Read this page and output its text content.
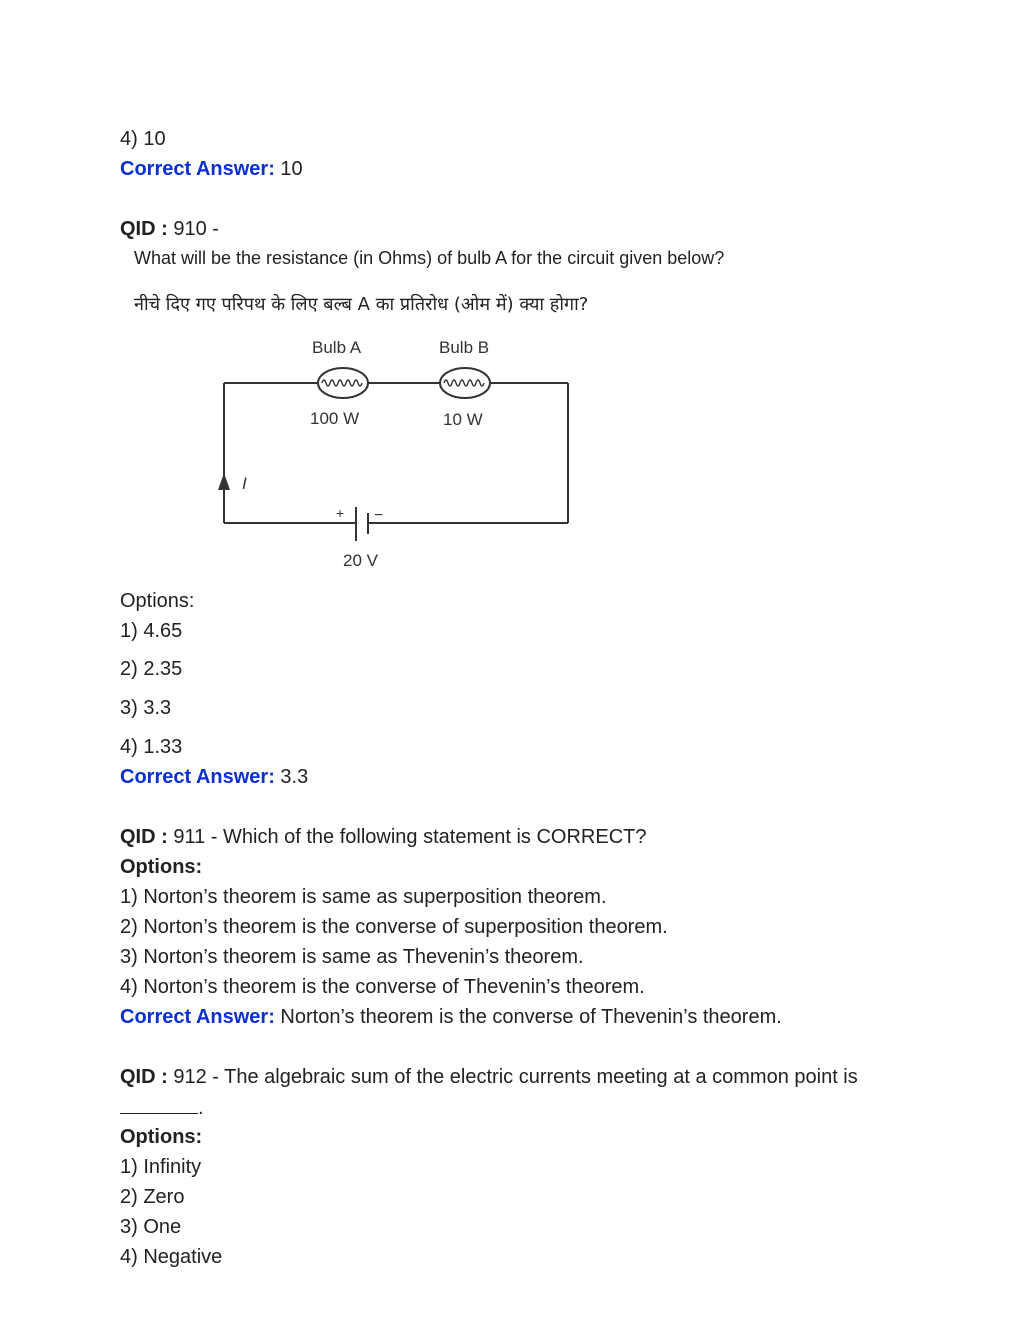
4) 10
Correct Answer: 10
QID : 910 -
What will be the resistance (in Ohms) of bulb A for the circuit given below?
नीचे दिए गए परिपथ के लिए बल्ब A का प्रतिरोध (ओम में) क्या होगा?
Bulb A	Bulb B
100 W	10 W
I
+ −
20 V
Options:
1) 4.65
2) 2.35
3) 3.3
4) 1.33
Correct Answer: 3.3
QID : 911 - Which of the following statement is CORRECT?
Options:
1) Norton’s theorem is same as superposition theorem.
2) Norton’s theorem is the converse of superposition theorem.
3) Norton’s theorem is same as Thevenin’s theorem.
4) Norton’s theorem is the converse of Thevenin’s theorem.
Correct Answer: Norton’s theorem is the converse of Thevenin’s theorem.
QID : 912 - The algebraic sum of the electric currents meeting at a common point is
.
Options:
1) Infinity
2) Zero
3) One
4) Negative
